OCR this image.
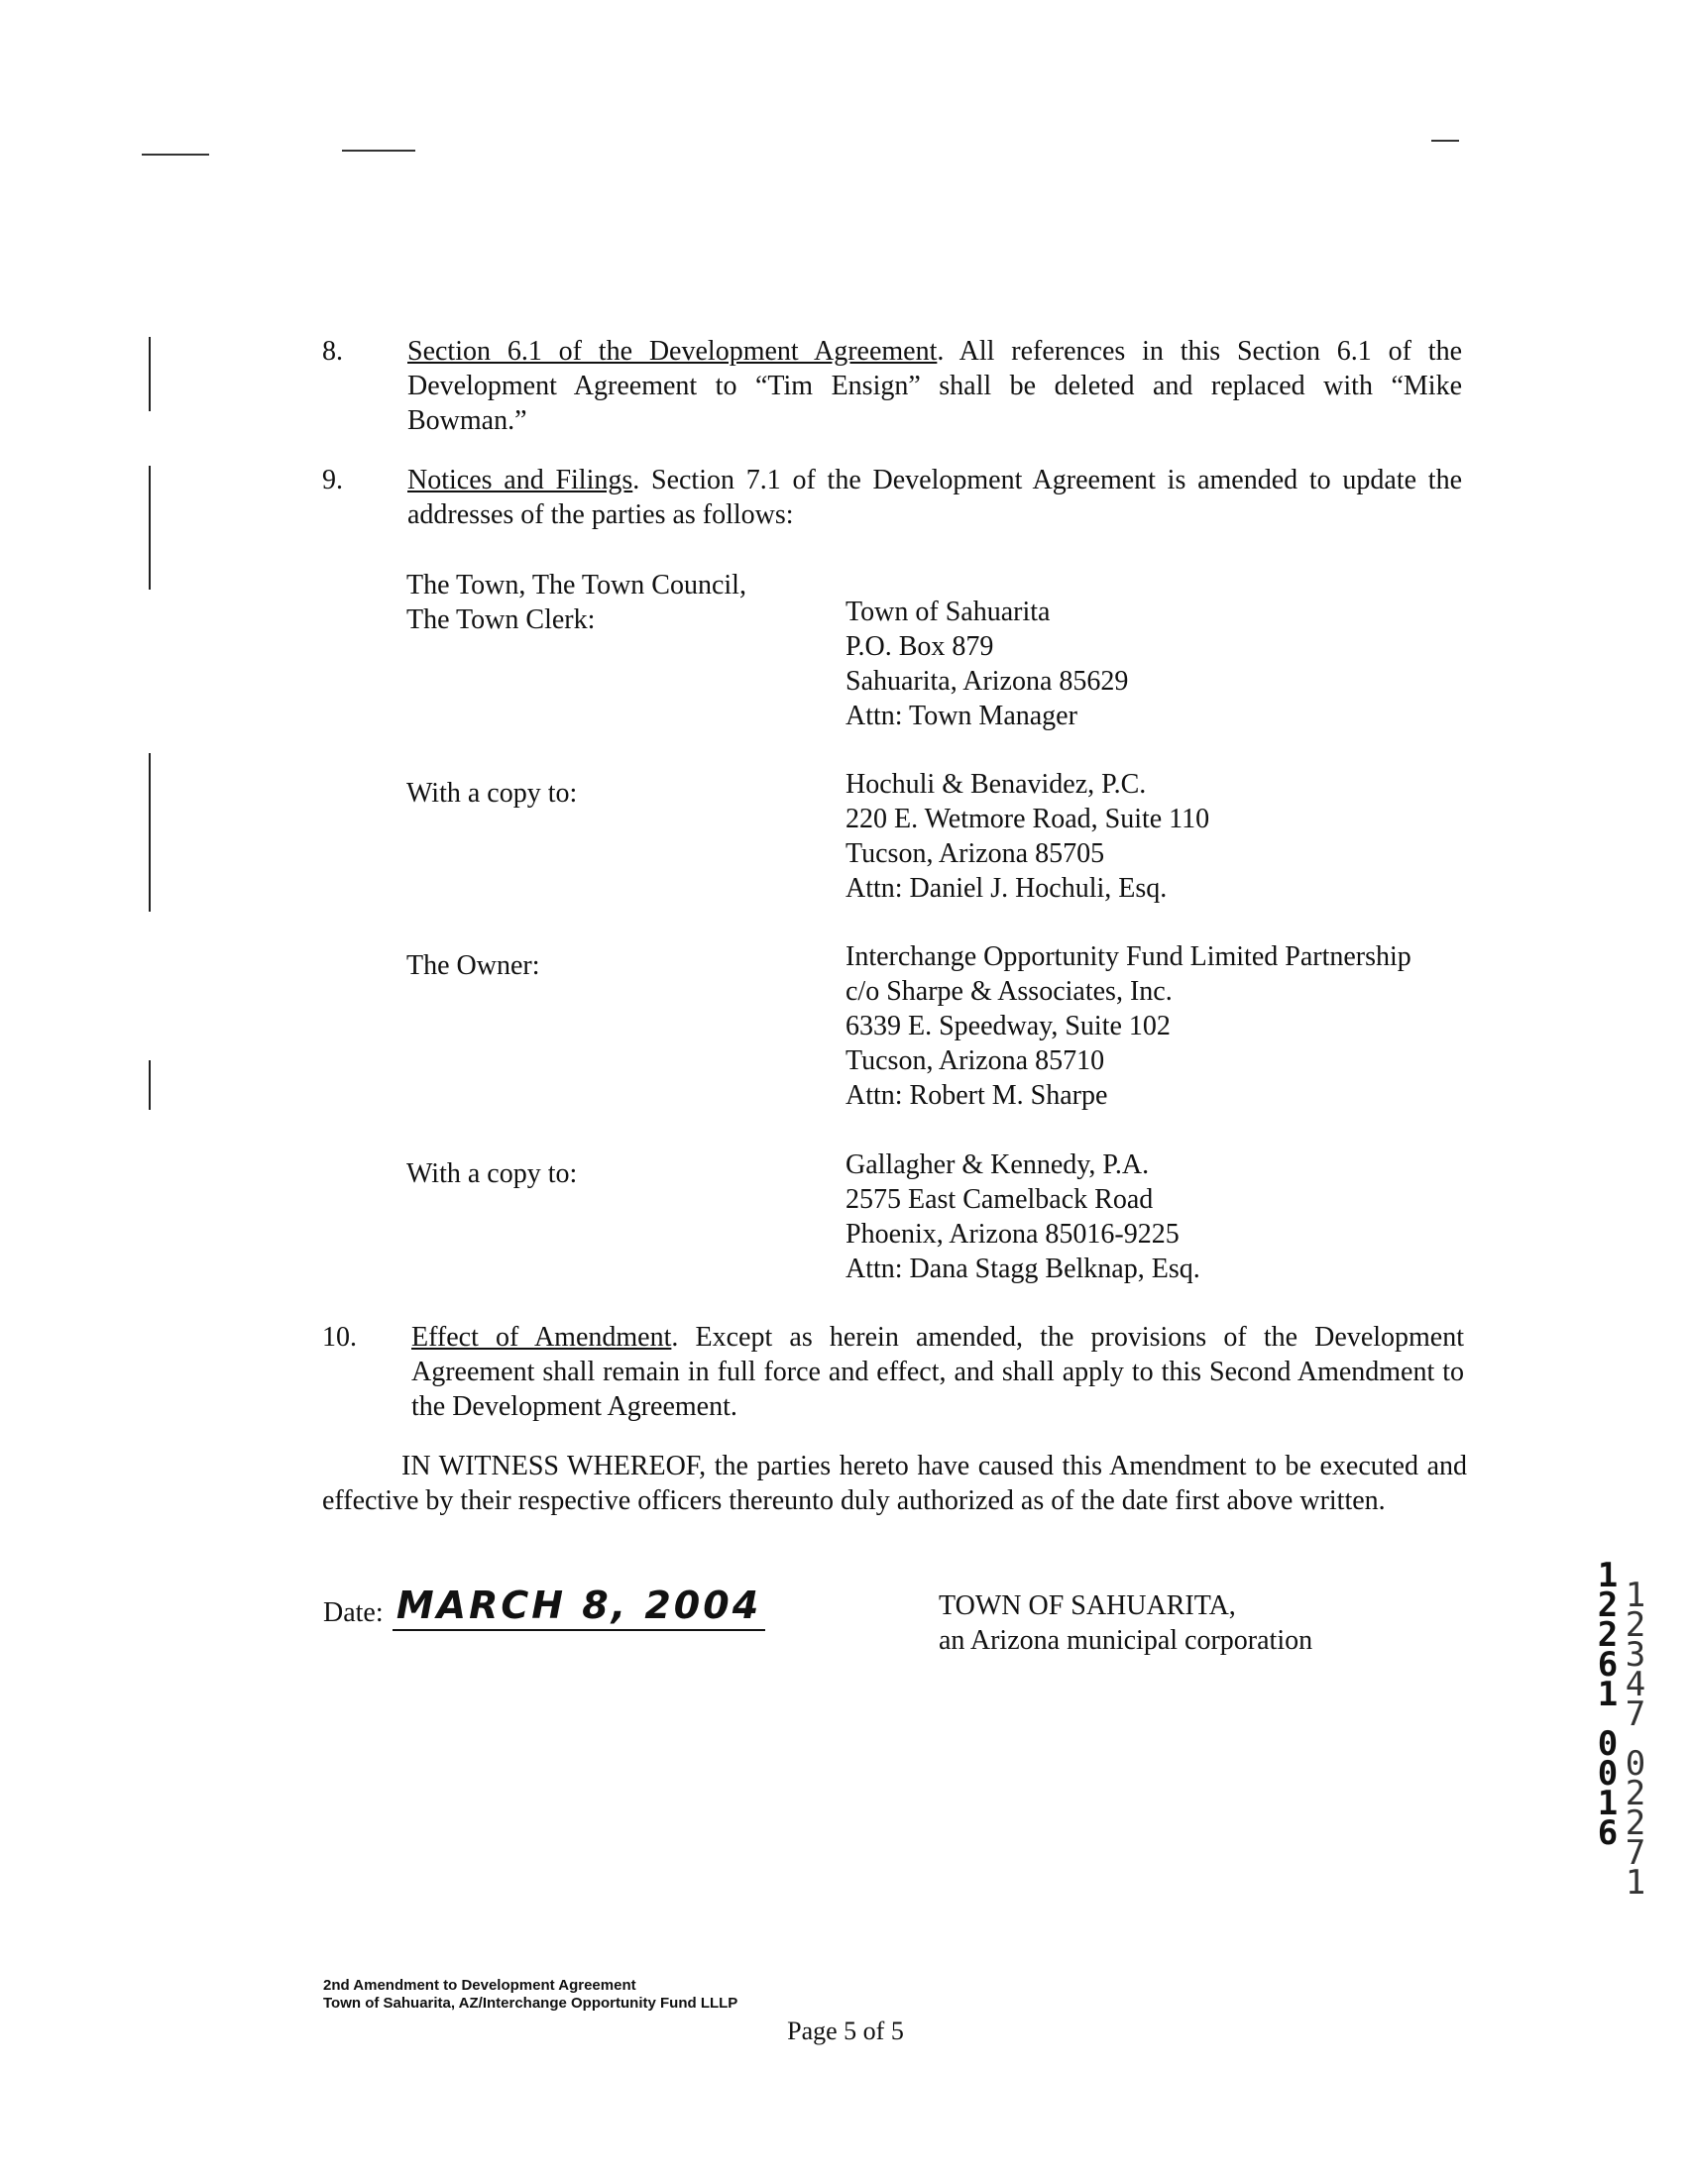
8. Section 6.1 of the Development Agreement. All references in this Section 6.1 of the Development Agreement to “Tim Ensign” shall be deleted and replaced with “Mike Bowman.”
9. Notices and Filings. Section 7.1 of the Development Agreement is amended to update the addresses of the parties as follows:
The Town, The Town Council,
The Town Clerk:	Town of Sahuarita
P.O. Box 879
Sahuarita, Arizona 85629
Attn: Town Manager
With a copy to:	Hochuli & Benavidez, P.C.
220 E. Wetmore Road, Suite 110
Tucson, Arizona 85705
Attn: Daniel J. Hochuli, Esq.
The Owner:	Interchange Opportunity Fund Limited Partnership
c/o Sharpe & Associates, Inc.
6339 E. Speedway, Suite 102
Tucson, Arizona 85710
Attn: Robert M. Sharpe
With a copy to:	Gallagher & Kennedy, P.A.
2575 East Camelback Road
Phoenix, Arizona 85016-9225
Attn: Dana Stagg Belknap, Esq.
10. Effect of Amendment. Except as herein amended, the provisions of the Development Agreement shall remain in full force and effect, and shall apply to this Second Amendment to the Development Agreement.
IN WITNESS WHEREOF, the parties hereto have caused this Amendment to be executed and effective by their respective officers thereunto duly authorized as of the date first above written.
Date: MARCH 8, 2004	TOWN OF SAHUARITA,
an Arizona municipal corporation
1
2
2
6
1
0
0
1
6
1
2
3
4
7
0
2
2
7
1
2nd Amendment to Development Agreement
Town of Sahuarita, AZ/Interchange Opportunity Fund LLLP
Page 5 of 5
